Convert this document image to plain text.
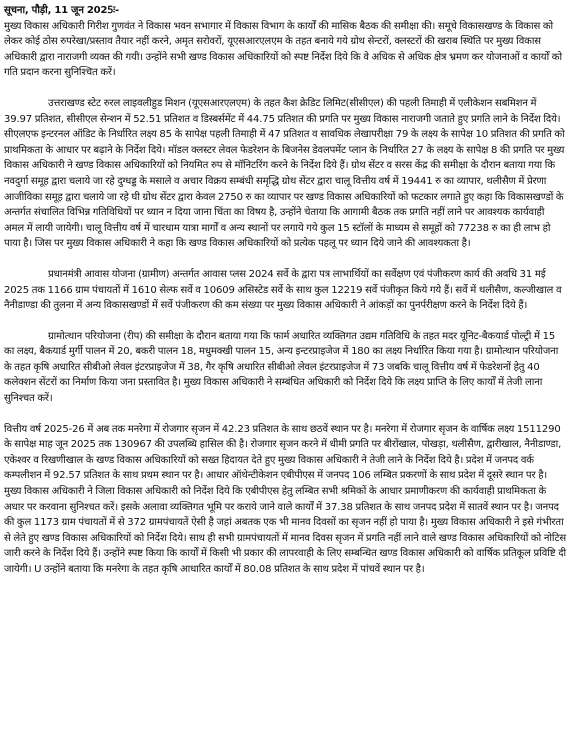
सूचना, पौड़ी, 11 जून 2025ः-
मुख्य विकास अधिकारी गिरीश गुणवंत ने विकास भवन सभागार में विकास विभाग के कार्यों की मासिक बैठक की समीक्षा की। समूचे विकासखण्ड के विकास को लेकर कोई ठोस रुपरेखा/प्रस्ताव तैयार नहीं करने, अमृत सरोवरों, यूएसआरएलएम के तहत बनाये गये ग्रोथ सेन्टरों, क्लस्टरों की खराब स्थिति पर मुख्य विकास अधिकारी द्वारा नाराजगी व्यक्त की गयी। उन्होंने सभी खण्ड विकास अधिकारियों को स्पष्ट निर्देश दिये कि वे अधिक से अधिक क्षेत्र भ्रमण कर योजनाओं व कार्यों को गति प्रदान करना सुनिश्चित करें।

उत्तराखण्ड स्टेट रुरल लाइवलीहुड मिशन (यूएसआरएलएम) के तहत कैश क्रेडिट लिमिट(सीसीएल) की पहली तिमाही में एलीकेशन सबमिशन में 39.97 प्रतिशत, सीसीएल सेन्शन में 52.51 प्रतिशत व डिस्बर्समेंट में 44.75 प्रतिशत की प्रगति पर मुख्य विकास नाराजगी जताते हुए प्रगति लाने के निर्देश दिये। सीएलएफ इन्टरनल ऑडिट के निर्धारित लक्ष्य 85 के सापेक्ष पहली तिमाही में 47 प्रतिशत व सावधिक लेखापरीक्षा 79 के लक्ष्य के सापेक्ष 10 प्रतिशत की प्रगति को प्राथमिकता के आधार पर बढ़ाने के निर्देश दिये। मॉडल क्लस्टर लेवल फेडरेशन के बिजनेस डेवलपमेंट प्लान के निर्धारित 27 के लक्ष्य के सापेक्ष 8 की प्रगति पर मुख्य विकास अधिकारी ने खण्ड विकास अधिकारियों को नियमित रुप से मॉनिटरिंग करने के निर्देश दिये हैं। ग्रोथ सेंटर व सरस केंद्र की समीक्षा के दौरान बताया गया कि नवदुर्गा समूह द्वारा चलाये जा रहे दुग्धड्ड के मसाले व अचार विक्रय सम्बंधी समृद्धि ग्रोथ सेंटर द्वारा चालू वित्तीय वर्ष में 19441 रु का व्यापार, थलीसैण में प्रेरणा आजीविका समूह द्वारा चलाये जा रहे घी ग्रोथ सेंटर द्वारा केवल 2750 रु का व्यापार पर खण्ड विकास अधिकारियों को फटकार लगाते हुए कहा कि विकासखण्डों के अन्तर्गत संचालित विभिन्न गतिविधियों पर ध्यान न दिया जाना चिंता का विषय है, उन्होंने चेताया कि आगामी बैठक तक प्रगति नहीं लाने पर आवश्यक कार्यवाही अमल में लायी जायेगी। चालू वित्तीय वर्ष में चारधाम यात्रा मार्गों व अन्य स्थानों पर लगाये गये कुल 15 स्टॉलों के माध्यम से समूहों को 77238 रु का ही लाभ हो पाया है। जिस पर मुख्य विकास अधिकारी ने कहा कि खण्ड विकास अधिकारियों को प्रत्येक पहलू पर ध्यान दिये जाने की आवश्यकता है।

प्रधानमंत्री आवास योजना (ग्रामीण) अन्तर्गत आवास प्लस 2024 सर्वे के द्वारा पत्र लाभार्थियों का सर्वेक्षण एवं पंजीकरण कार्य की अवधि 31 मई 2025 तक 1166 ग्राम पंचायतों में 1610 सेल्फ सर्वे व 10609 असिस्टेड सर्वे के साथ कुल 12219 सर्वे पंजीकृत किये गये हैं। सर्वे में थलीसैण, कल्जीखाल व नैनीडाण्डा की तुलना में अन्य विकासखण्डों में सर्वे पंजीकरण की कम संख्या पर मुख्य विकास अधिकारी ने आंकड़ों का पुनर्परीक्षण करने के निर्देश दिये हैं।

ग्रामोत्थान परियोजना (रीप) की समीक्षा के दौरान बताया गया कि फार्म अधारित व्यक्तिगत उद्यम गतिविधि के तहत मदर यूनिट-बैकयार्ड पोल्ट्री में 15 का लक्ष्य, बैकयार्ड मुर्गी पालन में 20, बकरी पालन 18, मधुमक्खी पालन 15, अन्य इन्टरप्राइजेज में 180 का लक्ष्य निर्धारित किया गया है। ग्रामोत्थान परियोजना के तहत कृषि अधारित सीबीओ लेवल इंटरप्राइजेज में 38, गैर कृषि अधारित सीबीओ लेवल इंटरप्राइजेज में 73 जबकि चालू वित्तीय वर्ष में फेडरेशनों हेतु 40 कलेक्शन सेंटरों का निर्माण किया जना प्रस्तावित है। मुख्य विकास अधिकारी ने सम्बंधित अधिकारी को निर्देश दिये कि लक्ष्य प्राप्ति के लिए कार्यों में तेजी लाना सुनिश्चत करें।

वित्तीय वर्ष 2025-26 में अब तक मनरेगा में रोजगार सृजन में 42.23 प्रतिशत के साथ छठवें स्थान पर है। मनरेगा में रोजगार सृजन के वार्षिक लक्ष्य 1511290 के सापेक्ष माह जून 2025 तक 130967 की उपलब्धि हासिल की है। रोजगार सृजन करने में धीमी प्रगति पर बीरोंखाल, पोखड़ा, थलीसैण, द्वारीखाल, नैनीडाण्डा, एकेश्वर व रिखणीखाल के खण्ड विकास अधिकारियों को सख्त हिदायत देते हुए मुख्य विकास अधिकारी ने तेजी लाने के निर्देश दिये है। प्रदेश में जनपद वर्क कम्पलीशन में 92.57 प्रतिशत के साथ प्रथम स्थान पर है। आधार ऑथेन्टीकेशन एबीपीएस में जनपद 106 लम्बित प्रकरणों के साथ प्रदेश में दूसरे स्थान पर है। मुख्य विकास अधिकारी ने जिला विकास अधिकारी को निर्देश दिये कि एबीपीएस हेतु लम्बित सभी श्रमिकों के आधार प्रमाणीकरण की कार्यवाही प्राथमिकता के अधार पर करवाना सुनिश्चत करें। इसके अलावा व्यक्तिगत भूमि पर कराये जाने वाले कार्यों में 37.38 प्रतिशत के साथ जनपद प्रदेश में सातवें स्थान पर है। जनपद की कुल 1173 ग्राम पंचायतों में से 372 ग्रामपंचायतें ऐसी है जहां अबतक एक भी मानव दिवसों का सृजन नहीं हो पाया है। मुख्य विकास अधिकारी ने इसे गंभीरता से लेते हुए खण्ड विकास अधिकारियों को निर्देश दिये। साथ ही सभी ग्रामपंचायतों में मानव दिवस सृजन में प्रगति नहीं लाने वाले खण्ड विकास अधिकारियों को नोटिस जारी करने के निर्देश दिये हैं। उन्होंने स्पष्ट किया कि कार्यों में किसी भी प्रकार की लापरवाही के लिए सम्बन्धित खण्ड विकास अधिकारी को वार्षिक प्रतिकूल प्रविष्टि दी जायेगी। U उन्होंने बताया कि मनरेगा के तहत कृषि आधारित कार्यों में 80.08 प्रतिशत के साथ प्रदेश में पांचवें स्थान पर है।
